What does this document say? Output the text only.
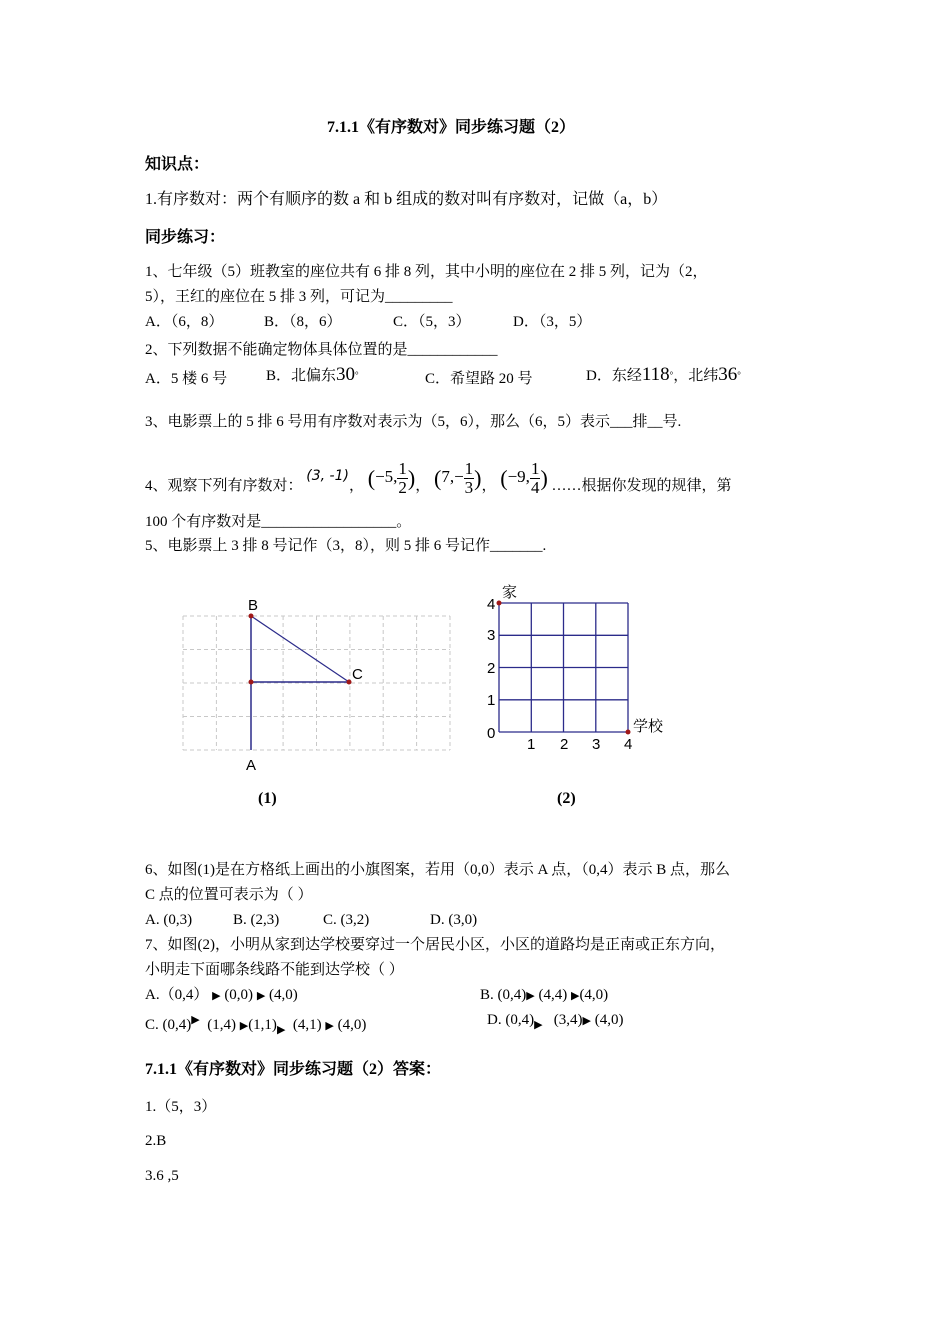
7.1.1《有序数对》同步练习题（2）
知识点：
1.有序数对：两个有顺序的数 a 和 b 组成的数对叫有序数对，记做（a，b）
同步练习：
1、七年级（5）班教室的座位共有 6 排 8 列，其中小明的座位在 2 排 5 列，记为（2，
5），王红的座位在 5 排 3 列，可记为_________
A．（6，8）	B．（8，6）	C．（5，3）	D．（3，5）
2、下列数据不能确定物体具体位置的是____________
A．5 楼 6 号	B．北偏东30°	C．希望路 20 号	D．东经118°，北纬36°
3、电影票上的 5 排 6 号用有序数对表示为（5，6），那么（6，5）表示___排__号.
4、观察下列有序数对： (3, -1)， (−5, $\frac{1}{2}$ )， ($7,- \frac{1}{3}$ )， (−9, $\frac{1}{4}$ ) ……根据你发现的规律，第
100 个有序数对是__________________。
5、电影票上 3 排 8 号记作（3，8），则 5 排 6 号记作_______.
B
C
A
(1)
家
学校
0
1
2
3
4
1 2 3 4
(2)
6、如图(1)是在方格纸上画出的小旗图案，若用（0,0）表示 A 点，（0,4）表示 B 点，那么
C 点的位置可表示为（ ）
A. (0,3)	B. (2,3)	C. (3,2)	D. (3,0)
7、如图(2)，小明从家到达学校要穿过一个居民小区，小区的道路均是正南或正东方向，
小明走下面哪条线路不能到达学校（ ）
A.（0,4） ▶ (0,0) ▶ (4,0)	B. (0,4)▶ (4,4) ▶(4,0)
C. (0,4)▶ (1,4) $▶(1,1)_▶$ (4,1) ▶ (4,0)	D. $(0,4)_▶$ (3,4)▶ (4,0)
7.1.1《有序数对》同步练习题（2）答案：
1.（5，3）
2.B
3.6 ,5
